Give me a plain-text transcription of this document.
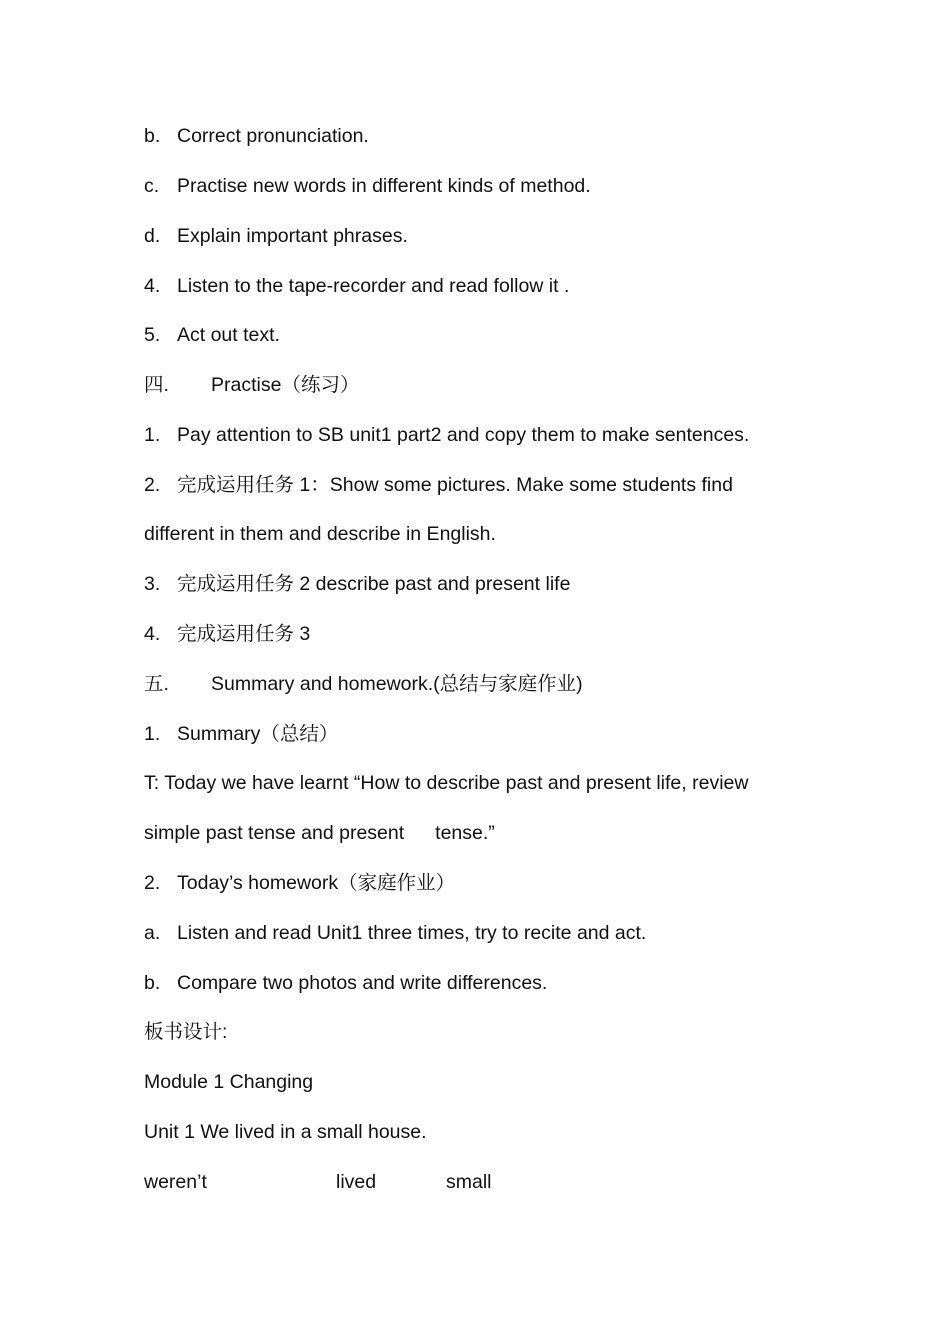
b. Correct pronunciation.
c. Practise new words in different kinds of method.
d. Explain important phrases.
4. Listen to the tape-recorder and read follow it .
5. Act out text.
四. Practise（练习）
1. Pay attention to SB unit1 part2 and copy them to make sentences.
2. 完成运用任务 1：Show some pictures. Make some students find
different in them and describe in English.
3. 完成运用任务 2 describe past and present life
4. 完成运用任务 3
五. Summary and homework.(总结与家庭作业)
1. Summary（总结）
T: Today we have learnt “How to describe past and present life, review
simple past tense and present tense.”
2. Today’s homework（家庭作业）
a. Listen and read Unit1 three times, try to recite and act.
b. Compare two photos and write differences.
板书设计:
Module 1 Changing
Unit 1 We lived in a small house.
weren’t	lived	small
